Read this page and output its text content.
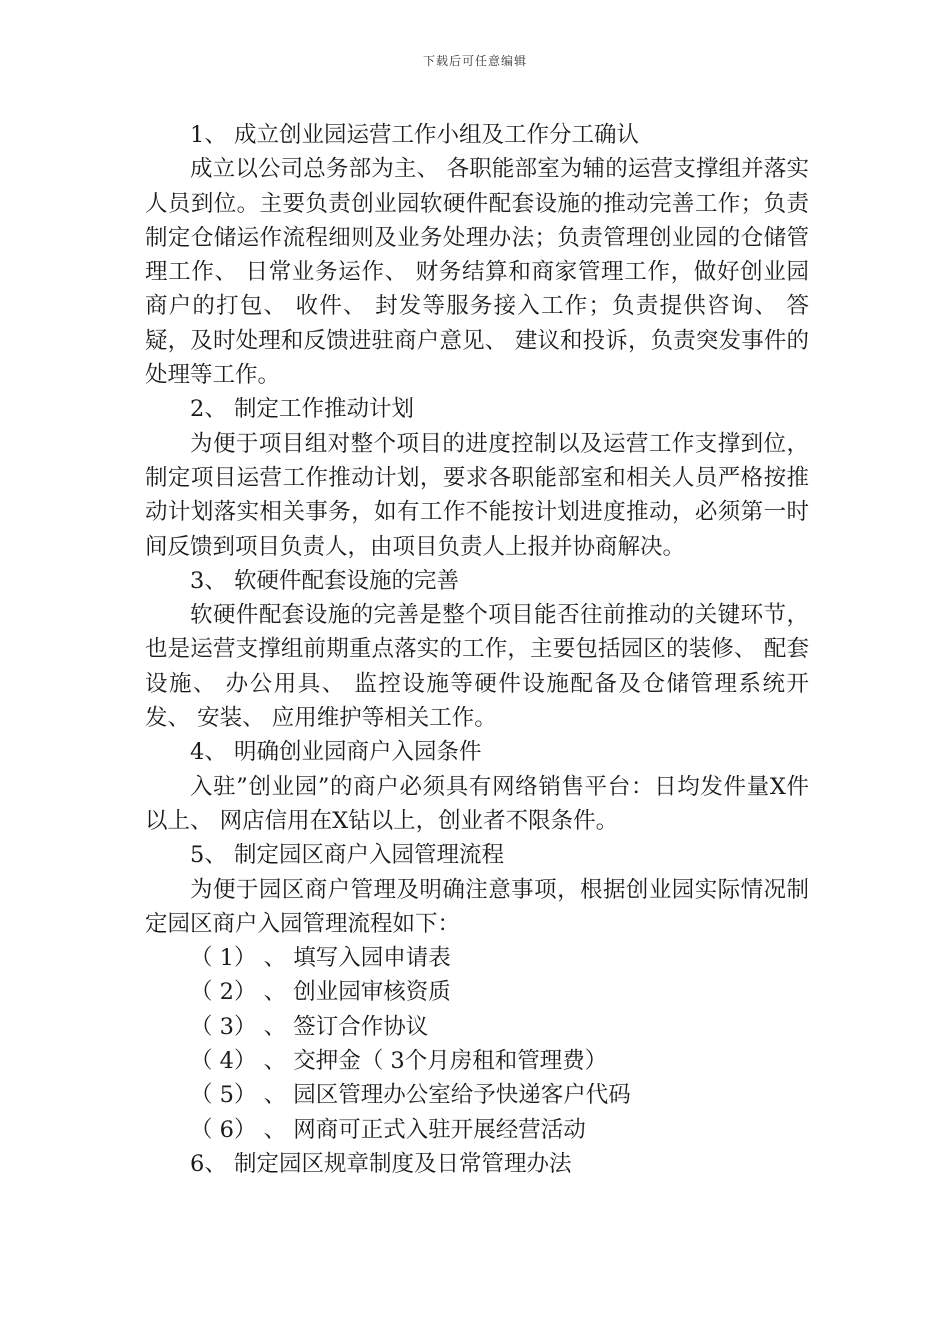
下载后可任意编辑

1、 成立创业园运营工作小组及工作分工确认

成立以公司总务部为主、 各职能部室为辅的运营支撑组并落实人员到位。主要负责创业园软硬件配套设施的推动完善工作；负责制定仓储运作流程细则及业务处理办法；负责管理创业园的仓储管理工作、 日常业务运作、 财务结算和商家管理工作，做好创业园商户的打包、 收件、 封发等服务接入工作；负责提供咨询、 答疑，及时处理和反馈进驻商户意见、 建议和投诉，负责突发事件的处理等工作。

2、 制定工作推动计划

为便于项目组对整个项目的进度控制以及运营工作支撑到位，制定项目运营工作推动计划，要求各职能部室和相关人员严格按推动计划落实相关事务，如有工作不能按计划进度推动，必须第一时间反馈到项目负责人，由项目负责人上报并协商解决。

3、 软硬件配套设施的完善

软硬件配套设施的完善是整个项目能否往前推动的关键环节，也是运营支撑组前期重点落实的工作，主要包括园区的装修、 配套设施、 办公用具、 监控设施等硬件设施配备及仓储管理系统开发、 安装、 应用维护等相关工作。

4、 明确创业园商户入园条件

入驻”创业园”的商户必须具有网络销售平台：日均发件量X件以上、 网店信用在X钻以上，创业者不限条件。

5、 制定园区商户入园管理流程

为便于园区商户管理及明确注意事项，根据创业园实际情况制定园区商户入园管理流程如下：

（ 1） 、 填写入园申请表

（ 2） 、 创业园审核资质

（ 3） 、 签订合作协议

（ 4） 、 交押金（ 3个月房租和管理费）

（ 5） 、 园区管理办公室给予快递客户代码

（ 6） 、 网商可正式入驻开展经营活动

6、 制定园区规章制度及日常管理办法
